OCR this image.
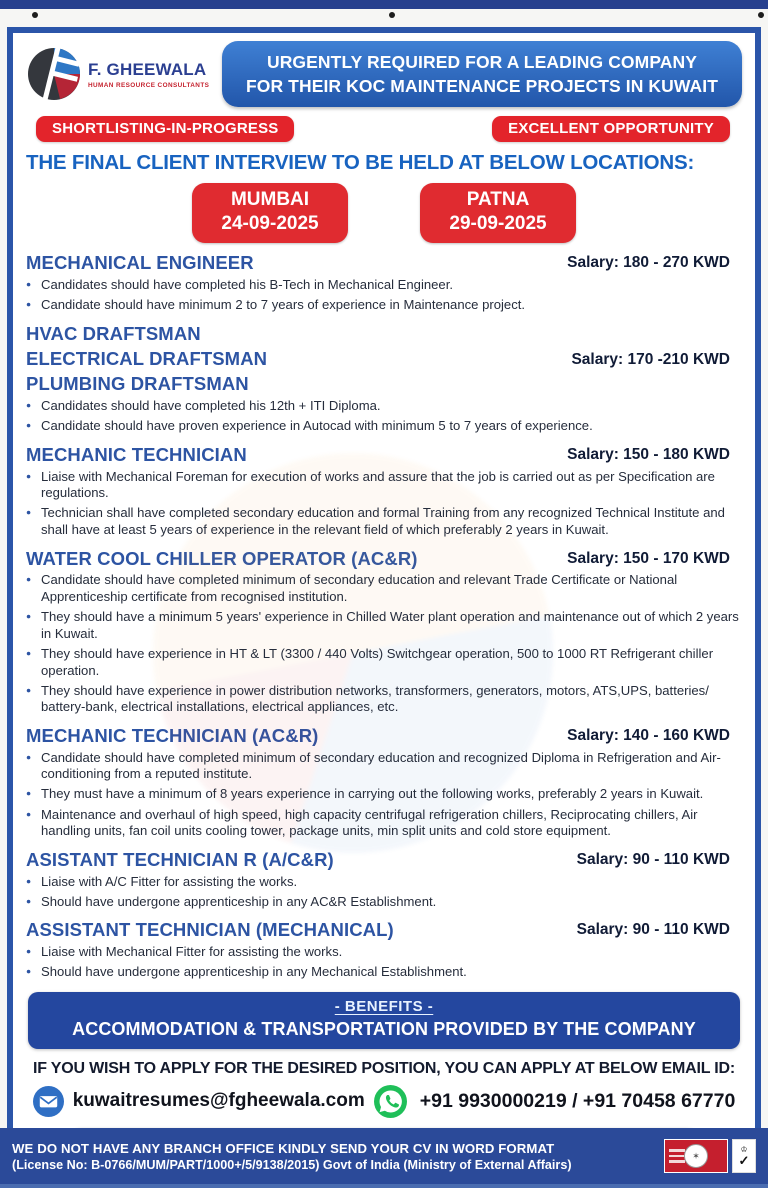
F. GHEEWALA
HUMAN RESOURCE CONSULTANTS
URGENTLY REQUIRED FOR A LEADING COMPANY
FOR THEIR KOC MAINTENANCE PROJECTS IN KUWAIT
SHORTLISTING-IN-PROGRESS	EXCELLENT OPPORTUNITY
THE FINAL CLIENT INTERVIEW TO BE HELD AT BELOW LOCATIONS:
MUMBAI
24-09-2025
PATNA
29-09-2025
MECHANICAL ENGINEER	Salary: 180 - 270 KWD
● Candidates should have completed his B-Tech in Mechanical Engineer.
● Candidate should have minimum 2 to 7 years of experience in Maintenance project.
HVAC DRAFTSMAN
ELECTRICAL DRAFTSMAN
PLUMBING DRAFTSMAN
Salary: 170 -210 KWD
● Candidates should have completed his 12th + ITI Diploma.
● Candidate should have proven experience in Autocad with minimum 5 to 7 years of experience.
MECHANIC TECHNICIAN	Salary: 150 - 180 KWD
● Liaise with Mechanical Foreman for execution of works and assure that the job is carried out as per Specification are regulations.
● Technician shall have completed secondary education and formal Training from any recognized Technical Institute and shall have at least 5 years of experience in the relevant field of which preferably 2 years in Kuwait.
WATER COOL CHILLER OPERATOR (AC&R)	Salary: 150 - 170 KWD
● Candidate should have completed minimum of secondary education and relevant Trade Certificate or National Apprenticeship certificate from recognised institution.
● They should have a minimum 5 years' experience in Chilled Water plant operation and maintenance out of which 2 years in Kuwait.
● They should have experience in HT & LT (3300 / 440 Volts) Switchgear operation, 500 to 1000 RT Refrigerant chiller operation.
● They should have experience in power distribution networks, transformers, generators, motors, ATS,UPS, batteries/ battery-bank, electrical installations, electrical appliances, etc.
MECHANIC TECHNICIAN (AC&R)	Salary: 140 - 160 KWD
● Candidate should have completed minimum of secondary education and recognized Diploma in Refrigeration and Air-conditioning from a reputed institute.
● They must have a minimum of 8 years experience in carrying out the following works, preferably 2 years in Kuwait.
● Maintenance and overhaul of high speed, high capacity centrifugal refrigeration chillers, Reciprocating chillers, Air handling units, fan coil units cooling tower, package units, min split units and cold store equipment.
ASISTANT TECHNICIAN R (A/C&R)	Salary: 90 - 110 KWD
● Liaise with A/C Fitter for assisting the works.
● Should have undergone apprenticeship in any AC&R Establishment.
ASSISTANT TECHNICIAN (MECHANICAL)	Salary: 90 - 110 KWD
● Liaise with Mechanical Fitter for assisting the works.
● Should have undergone apprenticeship in any Mechanical Establishment.
- BENEFITS -
ACCOMMODATION & TRANSPORTATION PROVIDED BY THE COMPANY
IF YOU WISH TO APPLY FOR THE DESIRED POSITION, YOU CAN APPLY AT BELOW EMAIL ID:
kuwaitresumes@fgheewala.com	+91 9930000219 / +91 70458 67770
WE DO NOT HAVE ANY BRANCH OFFICE KINDLY SEND YOUR CV IN WORD FORMAT
(License No: B-0766/MUM/PART/1000+/5/9138/2015) Govt of India (Ministry of External Affairs)
✶
♔
✓
